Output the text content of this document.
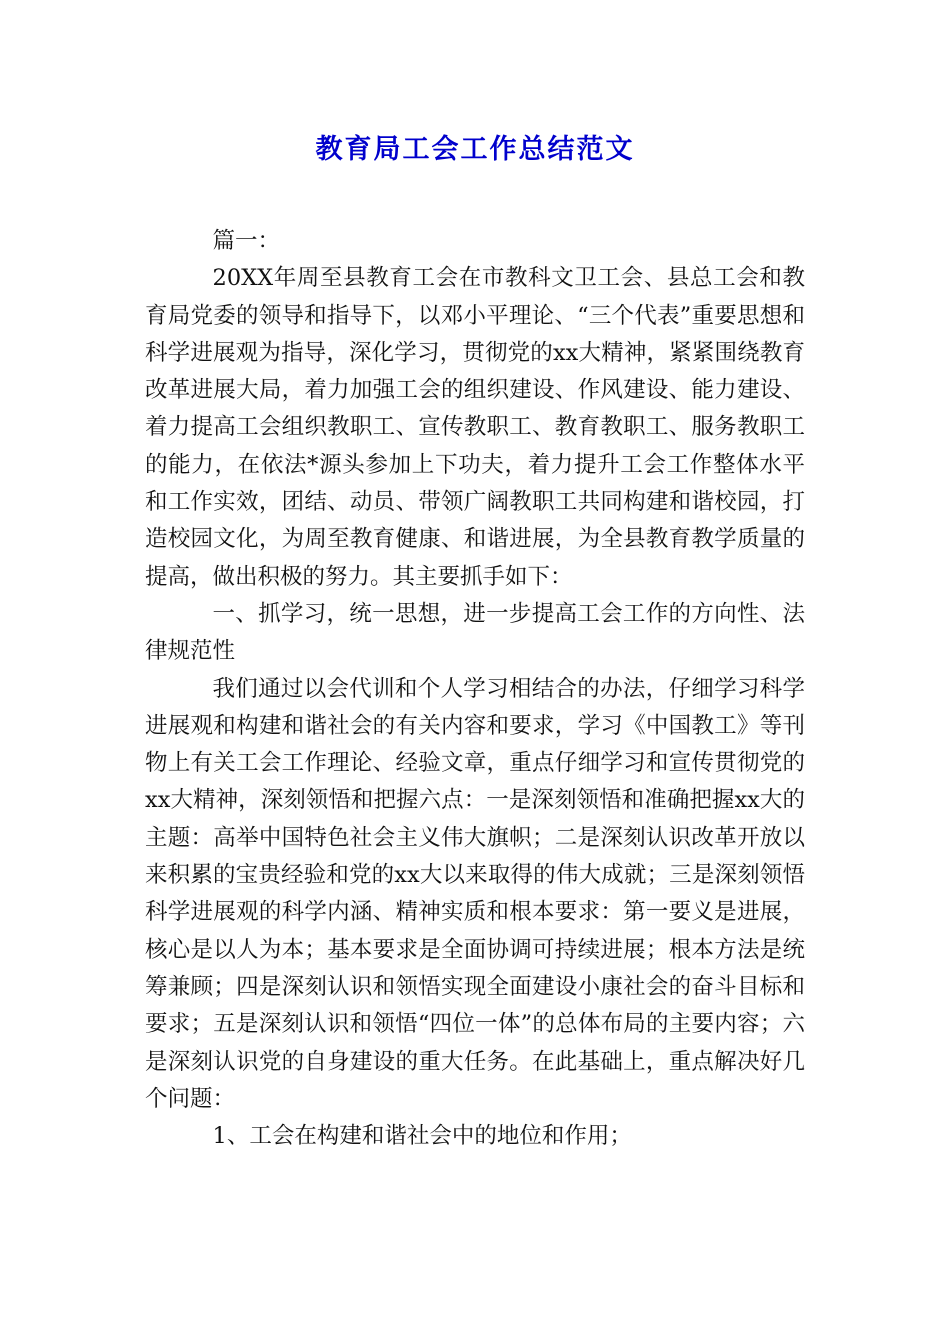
教育局工会工作总结范文

篇一：

20XX年周至县教育工会在市教科文卫工会、县总工会和教育局党委的领导和指导下，以邓小平理论、“三个代表”重要思想和科学进展观为指导，深化学习，贯彻党的xx大精神，紧紧围绕教育改革进展大局，着力加强工会的组织建设、作风建设、能力建设、着力提高工会组织教职工、宣传教职工、教育教职工、服务教职工的能力，在依法*源头参加上下功夫，着力提升工会工作整体水平和工作实效，团结、动员、带领广阔教职工共同构建和谐校园，打造校园文化，为周至教育健康、和谐进展，为全县教育教学质量的提高，做出积极的努力。其主要抓手如下：

一、抓学习，统一思想，进一步提高工会工作的方向性、法律规范性

我们通过以会代训和个人学习相结合的办法，仔细学习科学进展观和构建和谐社会的有关内容和要求，学习《中国教工》等刊物上有关工会工作理论、经验文章，重点仔细学习和宣传贯彻党的xx大精神，深刻领悟和把握六点：一是深刻领悟和准确把握xx大的主题：高举中国特色社会主义伟大旗帜；二是深刻认识改革开放以来积累的宝贵经验和党的xx大以来取得的伟大成就；三是深刻领悟科学进展观的科学内涵、精神实质和根本要求：第一要义是进展，核心是以人为本；基本要求是全面协调可持续进展；根本方法是统筹兼顾；四是深刻认识和领悟实现全面建设小康社会的奋斗目标和要求；五是深刻认识和领悟“四位一体”的总体布局的主要内容；六是深刻认识党的自身建设的重大任务。在此基础上，重点解决好几个问题：

1、工会在构建和谐社会中的地位和作用；
